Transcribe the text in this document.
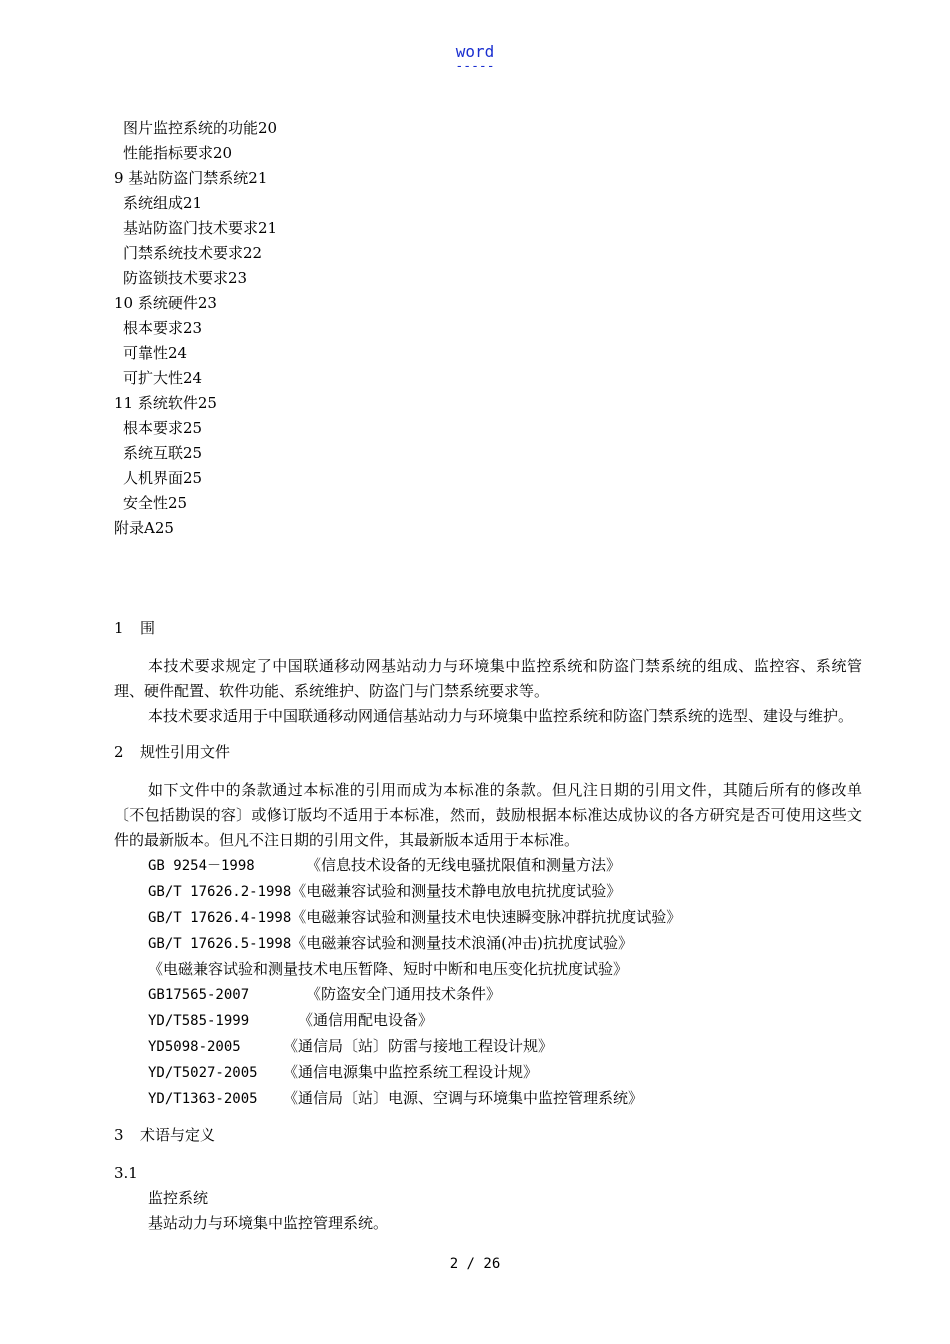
word
-----
图片监控系统的功能20
性能指标要求20
9 基站防盗门禁系统21
系统组成21
基站防盗门技术要求21
门禁系统技术要求22
防盗锁技术要求23
10 系统硬件23
根本要求23
可靠性24
可扩大性24
11 系统软件25
根本要求25
系统互联25
人机界面25
安全性25
附录A25
1 围
本技术要求规定了中国联通移动网基站动力与环境集中监控系统和防盗门禁系统的组成、监控容、系统管理、硬件配置、软件功能、系统维护、防盗门与门禁系统要求等。
本技术要求适用于中国联通移动网通信基站动力与环境集中监控系统和防盗门禁系统的选型、建设与维护。
2 规性引用文件
如下文件中的条款通过本标准的引用而成为本标准的条款。但凡注日期的引用文件，其随后所有的修改单〔不包括勘误的容〕或修订版均不适用于本标准，然而，鼓励根据本标准达成协议的各方研究是否可使用这些文件的最新版本。但凡不注日期的引用文件，其最新版本适用于本标准。
GB 9254－1998	《信息技术设备的无线电骚扰限值和测量方法》
GB/T 17626.2-1998《电磁兼容试验和测量技术静电放电抗扰度试验》
GB/T 17626.4-1998《电磁兼容试验和测量技术电快速瞬变脉冲群抗扰度试验》
GB/T 17626.5-1998《电磁兼容试验和测量技术浪涌(冲击)抗扰度试验》
《电磁兼容试验和测量技术电压暂降、短时中断和电压变化抗扰度试验》
GB17565-2007	《防盗安全门通用技术条件》
YD/T585-1999	《通信用配电设备》
YD5098-2005	《通信局〔站〕防雷与接地工程设计规》
YD/T5027-2005 《通信电源集中监控系统工程设计规》
YD/T1363-2005 《通信局〔站〕电源、空调与环境集中监控管理系统》
3 术语与定义
3.1
监控系统
基站动力与环境集中监控管理系统。
2 / 26
